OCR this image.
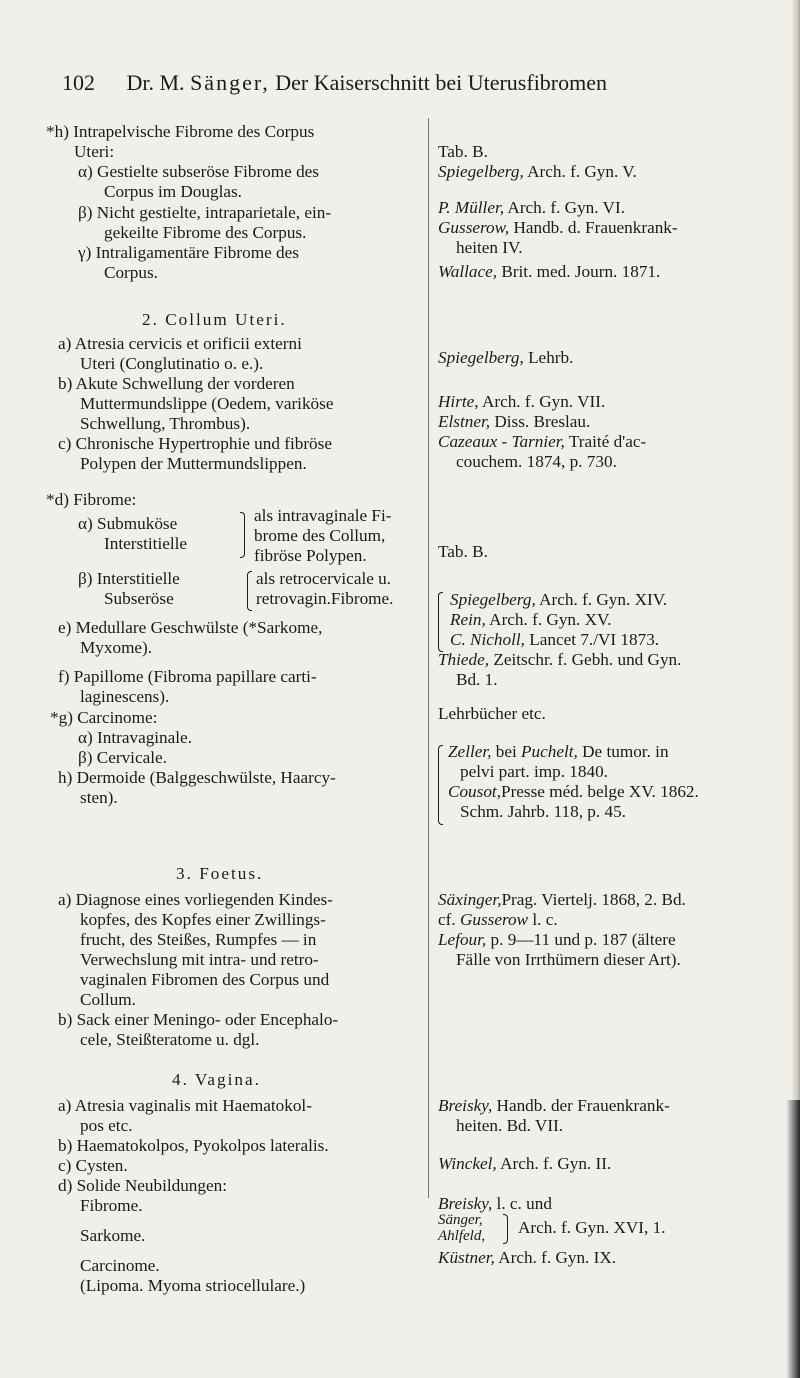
102 Dr. M. Sänger, Der Kaiserschnitt bei Uterusfibromen
*h) Intrapelvische Fibrome des Corpus
Uteri:
α) Gestielte subseröse Fibrome des
Corpus im Douglas.
β) Nicht gestielte, intraparietale, ein-
gekeilte Fibrome des Corpus.
γ) Intraligamentäre Fibrome des
Corpus.
2. Collum Uteri.
a) Atresia cervicis et orificii externi
Uteri (Conglutinatio o. e.).
b) Akute Schwellung der vorderen
Muttermundslippe (Oedem, variköse
Schwellung, Thrombus).
c) Chronische Hypertrophie und fibröse
Polypen der Muttermundslippen.
*d) Fibrome:
α) Submuköse
Interstitielle
als intravaginale Fi-
brome des Collum,
fibröse Polypen.
β) Interstitielle
Subseröse
als retrocervicale u.
retrovagin.Fibrome.
e) Medullare Geschwülste (*Sarkome,
Myxome).
f) Papillome (Fibroma papillare carti-
laginescens).
*g) Carcinome:
α) Intravaginale.
β) Cervicale.
h) Dermoide (Balggeschwülste, Haarcy-
sten).
3. Foetus.
a) Diagnose eines vorliegenden Kindes-
kopfes, des Kopfes einer Zwillings-
frucht, des Steißes, Rumpfes — in
Verwechslung mit intra- und retro-
vaginalen Fibromen des Corpus und
Collum.
b) Sack einer Meningo- oder Encephalo-
cele, Steißteratome u. dgl.
4. Vagina.
a) Atresia vaginalis mit Haematokol-
pos etc.
b) Haematokolpos, Pyokolpos lateralis.
c) Cysten.
d) Solide Neubildungen:
Fibrome.
Sarkome.
Carcinome.
(Lipoma. Myoma striocellulare.)
Tab. B.
Spiegelberg, Arch. f. Gyn. V.
P. Müller, Arch. f. Gyn. VI.
Gusserow, Handb. d. Frauenkrank-
heiten IV.
Wallace, Brit. med. Journ. 1871.
Spiegelberg, Lehrb.
Hirte, Arch. f. Gyn. VII.
Elstner, Diss. Breslau.
Cazeaux - Tarnier, Traité d'ac-
couchem. 1874, p. 730.
Tab. B.
Spiegelberg, Arch. f. Gyn. XIV.
Rein, Arch. f. Gyn. XV.
C. Nicholl, Lancet 7./VI 1873.
Thiede, Zeitschr. f. Gebh. und Gyn.
Bd. 1.
Lehrbücher etc.
Zeller, bei Puchelt, De tumor. in
pelvi part. imp. 1840.
Cousot,Presse méd. belge XV. 1862.
Schm. Jahrb. 118, p. 45.
Säxinger,Prag. Viertelj. 1868, 2. Bd.
cf. Gusserow l. c.
Lefour, p. 9—11 und p. 187 (ältere
Fälle von Irrthümern dieser Art).
Breisky, Handb. der Frauenkrank-
heiten. Bd. VII.
Winckel, Arch. f. Gyn. II.
Breisky, l. c. und
Sänger,
Ahlfeld, Arch. f. Gyn. XVI, 1.
Küstner, Arch. f. Gyn. IX.
